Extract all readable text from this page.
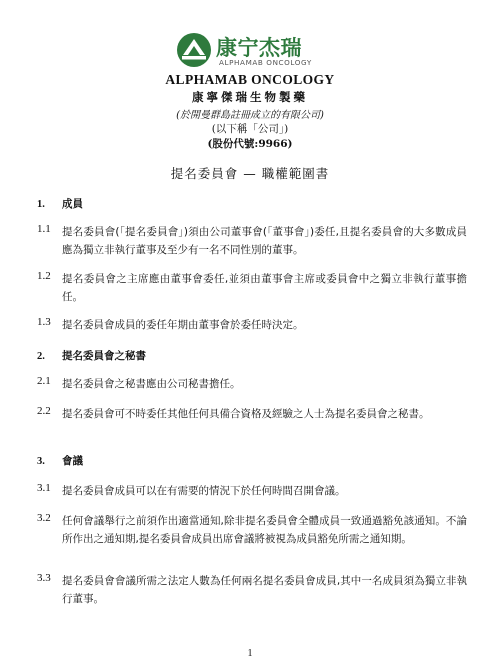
康宁杰瑞
ALPHAMAB ONCOLOGY
ALPHAMAB ONCOLOGY
康寧傑瑞生物製藥
(於開曼群島註冊成立的有限公司)
(以下稱「公司」)
(股份代號:9966)
提名委員會 — 職權範圍書
1. 成員
1.1 提名委員會(「提名委員會」)須由公司董事會(「董事會」)委任,且提名委員會的大多數成員應為獨立非執行董事及至少有一名不同性別的董事。
1.2 提名委員會之主席應由董事會委任,並須由董事會主席或委員會中之獨立非執行董事擔任。
1.3 提名委員會成員的委任年期由董事會於委任時決定。
2. 提名委員會之秘書
2.1 提名委員會之秘書應由公司秘書擔任。
2.2 提名委員會可不時委任其他任何具備合資格及經驗之人士為提名委員會之秘書。
3. 會議
3.1 提名委員會成員可以在有需要的情況下於任何時間召開會議。
3.2 任何會議舉行之前須作出適當通知,除非提名委員會全體成員一致通過豁免該通知。不論所作出之通知期,提名委員會成員出席會議將被視為成員豁免所需之通知期。
3.3 提名委員會會議所需之法定人數為任何兩名提名委員會成員,其中一名成員須為獨立非執行董事。
1
